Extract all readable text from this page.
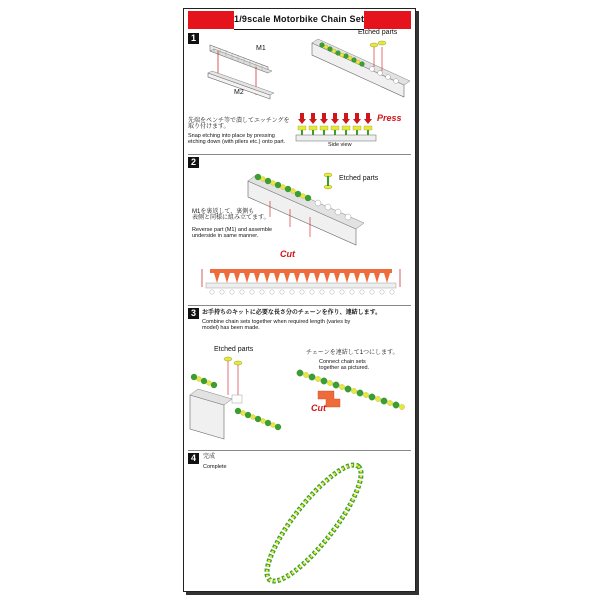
1/9scale Motorbike Chain Set
1
M1
M2
Etched parts
先端をペンチ等で潰してエッチングを
取り付けます。
Snap etching into place by pressing
etching down (with pilers etc.) onto part.
Press
Side view
2
Etched parts
M1を裏返して、裏側も
表側と同様に組み立てます。
Reverse part (M1) and assemble
underside in same manner.
Cut
3	お手持ちのキットに必要な長さ分のチェーンを作り、連結します。
Combine chain sets together when required length (varies by
model) has been made.
Etched parts	チェーンを連結して1つにします。
Connect chain sets
together as pictured.
Cut
4	完成
Complete
